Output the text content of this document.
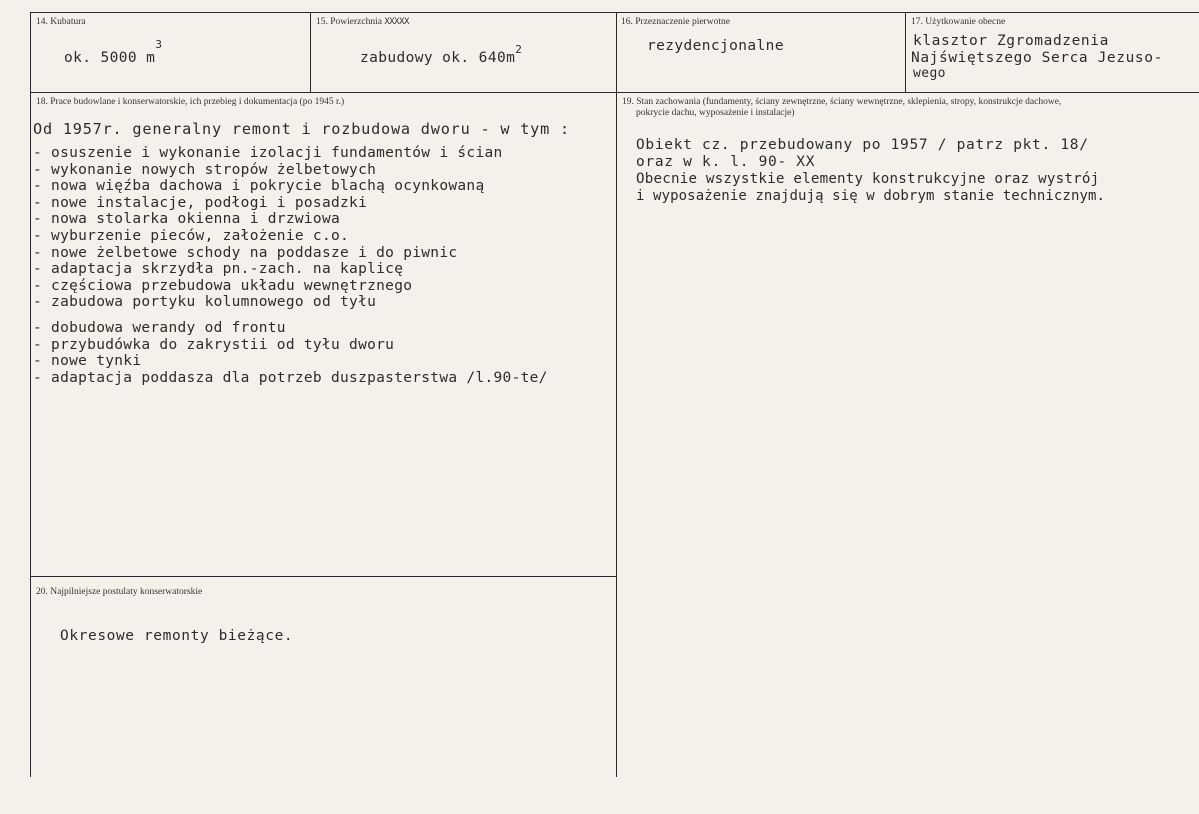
14. Kubatura
ok. 5000 $m^3$
15. Powierzchnia XXXXX
zabudowy ok. $640m^2$
16. Przeznaczenie pierwotne
rezydencjonalne
17. Użytkowanie obecne
klasztor Zgromadzenia
Najświętszego Serca Jezuso-
wego
18. Prace budowlane i konserwatorskie, ich przebieg i dokumentacja (po 1945 r.)
Od 1957r. generalny remont i rozbudowa dworu - w tym :
- osuszenie i wykonanie izolacji fundamentów i ścian
- wykonanie nowych stropów żelbetowych
- nowa więźba dachowa i pokrycie blachą ocynkowaną
- nowe instalacje, podłogi i posadzki
- nowa stolarka okienna i drzwiowa
- wyburzenie pieców, założenie c.o.
- nowe żelbetowe schody na poddasze i do piwnic
- adaptacja skrzydła pn.-zach. na kaplicę
- częściowa przebudowa układu wewnętrznego
- zabudowa portyku kolumnowego od tyłu
- dobudowa werandy od frontu
- przybudówka do zakrystii od tyłu dworu
- nowe tynki
- adaptacja poddasza dla potrzeb duszpasterstwa /l.90-te/
19. Stan zachowania (fundamenty, ściany zewnętrzne, ściany wewnętrzne, sklepienia, stropy, konstrukcje dachowe,
pokrycie dachu, wyposażenie i instalacje)
Obiekt cz. przebudowany po 1957 / patrz pkt. 18/
oraz w k. l. 90- XX
Obecnie wszystkie elementy konstrukcyjne oraz wystrój
i wyposażenie znajdują się w dobrym stanie technicznym.
20. Najpilniejsze postulaty konserwatorskie
Okresowe remonty bieżące.
